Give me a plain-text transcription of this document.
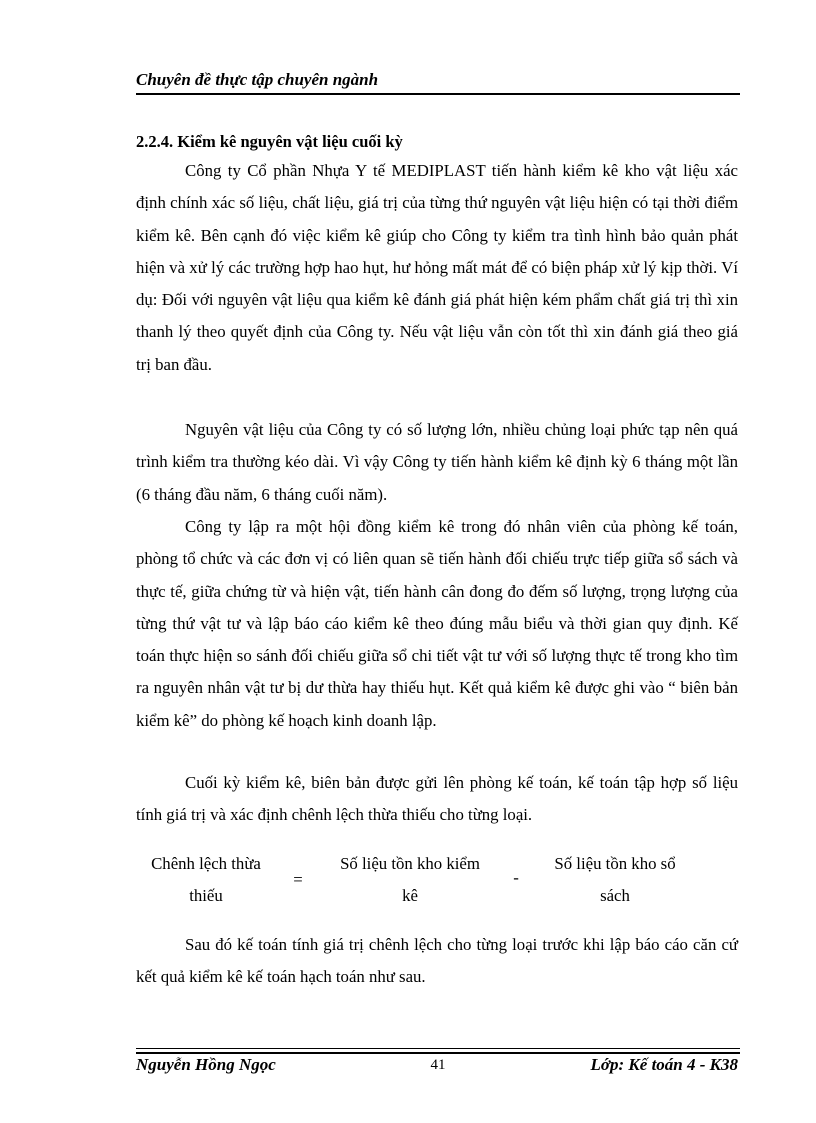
Chuyên đề thực tập chuyên ngành
2.2.4. Kiểm kê nguyên vật liệu cuối kỳ

Công ty Cổ phần Nhựa Y tế MEDIPLAST tiến hành kiểm kê kho vật liệu xác định chính xác số liệu, chất liệu, giá trị của từng thứ nguyên vật liệu hiện có tại thời điểm kiểm kê. Bên cạnh đó việc kiểm kê giúp cho Công ty kiểm tra tình hình bảo quản phát hiện và xử lý các trường hợp hao hụt, hư hỏng mất mát để có biện pháp xử lý kịp thời. Ví dụ: Đối với nguyên vật liệu qua kiểm kê đánh giá phát hiện kém phẩm chất giá trị thì xin thanh lý theo quyết định của Công ty. Nếu vật liệu vẫn còn tốt thì xin đánh giá theo giá trị ban đầu.

Nguyên vật liệu của Công ty có số lượng lớn, nhiều chủng loại phức tạp nên quá trình kiểm tra thường kéo dài. Vì vậy Công ty tiến hành kiểm kê định kỳ 6 tháng một lần (6 tháng đầu năm, 6 tháng cuối năm).

Công ty lập ra một hội đồng kiểm kê trong đó nhân viên của phòng kế toán, phòng tổ chức và các đơn vị có liên quan sẽ tiến hành đối chiếu trực tiếp giữa sổ sách và thực tế, giữa chứng từ và hiện vật, tiến hành cân đong đo đếm số lượng, trọng lượng của từng thứ vật tư và lập báo cáo kiểm kê theo đúng mẫu biểu và thời gian quy định. Kế toán thực hiện so sánh đối chiếu giữa sổ chi tiết vật tư với số lượng thực tế trong kho tìm ra nguyên nhân vật tư bị dư thừa hay thiếu hụt. Kết quả kiểm kê được ghi vào “ biên bản kiểm kê” do phòng kế hoạch kinh doanh lập.

Cuối kỳ kiểm kê, biên bản được gửi lên phòng kế toán, kế toán tập hợp số liệu tính giá trị và xác định chênh lệch thừa thiếu cho từng loại.

Chênh lệch thừa
thiếu
=
Số liệu tồn kho kiểm
kê
-
Số liệu tồn kho sổ
sách

Sau đó kế toán tính giá trị chênh lệch cho từng loại trước khi lập báo cáo căn cứ kết quả kiểm kê kế toán hạch toán như sau.

Nguyễn Hồng Ngọc	41	Lớp: Kế toán 4 - K38
